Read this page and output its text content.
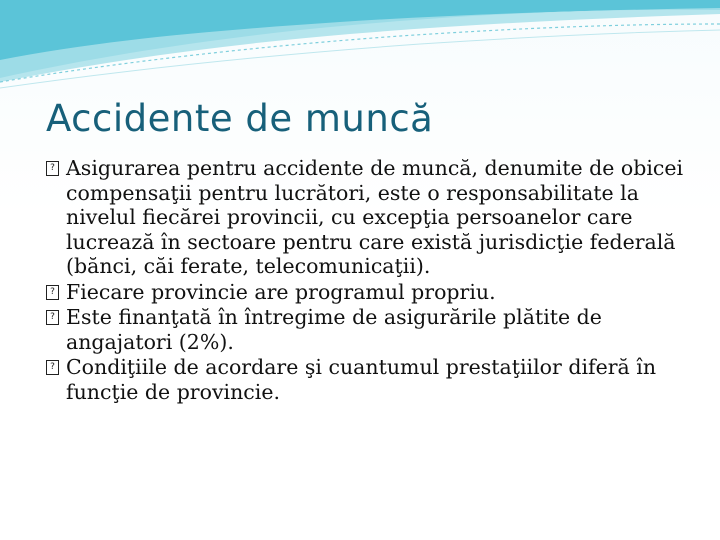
Accidente de muncă
? Asigurarea pentru accidente de muncă, denumite de obicei compensaţii pentru lucrători, este o responsabilitate la nivelul fiecărei provincii, cu excepţia persoanelor care lucrează în sectoare pentru care există jurisdicţie federală (bănci, căi ferate, telecomunicaţii).
? Fiecare provincie are programul propriu.
? Este finanţată în întregime de asigurările plătite de angajatori (2%).
? Condiţiile de acordare şi cuantumul prestaţiilor diferă în funcţie de provincie.
